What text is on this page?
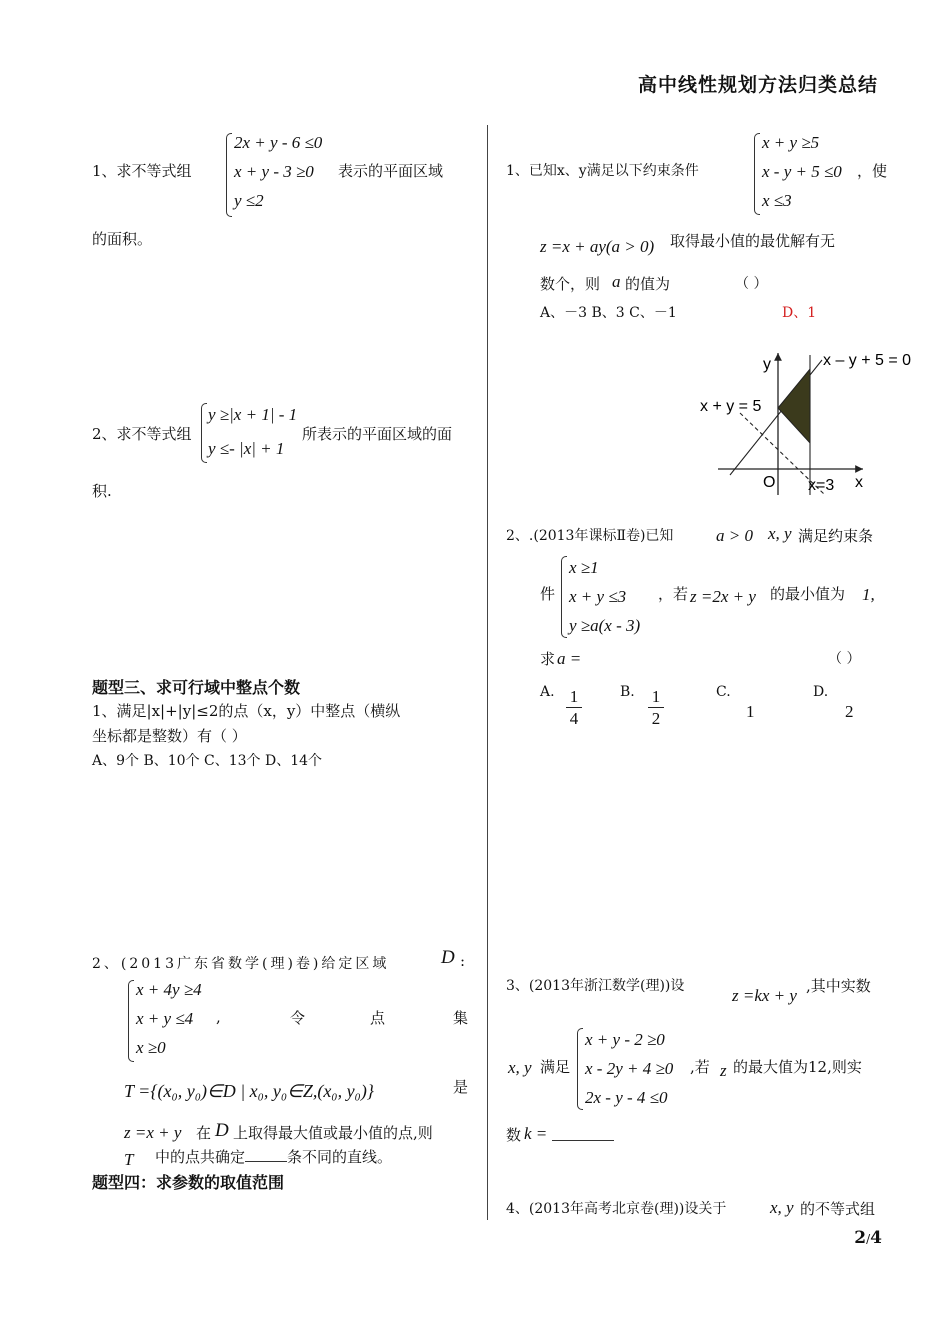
高中线性规划方法归类总结
1、求不等式组
2x + y - 6 ≤0
x + y - 3 ≥0
y ≤2
表示的平面区域
的面积。
2、求不等式组
y ≥|x + 1| - 1
y ≤- |x| + 1
所表示的平面区域的面
积.
题型三、求可行域中整点个数
1、满足|x|+|y|≤2的点（x，y）中整点（横纵
坐标都是整数）有（ ）
A、9个 B、10个 C、13个 D、14个
2、(2013广东省数学(理)卷)给定区域	D :
x + 4y ≥4
x + y ≤4
x ≥0
,	令	点	集
T ={(x₀, y₀)∈D | x₀, y₀∈Z,(x₀, y₀)}	是
z =x + y 在 D 上取得最大值或最小值的点,则
T 中的点共确定	条不同的直线。
题型四：求参数的取值范围
1、已知x、y满足以下约束条件
x + y ≥5
x - y + 5 ≤0
x ≤3
，使
z =x + ay(a > 0) 取得最小值的最优解有无
数个，则 a 的值为	（ ）
A、－3 B、3 C、－1	D、1
y
x
O
x – y + 5 = 0
x + y = 5
x=3
2、.(2013年课标Ⅱ卷)已知	a > 0 x, y 满足约束条
件
x ≥1
x + y ≤3
y ≥a(x - 3)
，若 z =2x + y 的最小值为 1,
求 a =	（ ）
A. 1
4
B. 1
2
C.
1
D.
2
3、(2013年浙江数学(理))设	z =kx + y ,其中实数
x, y 满足
x + y - 2 ≥0
x - 2y + 4 ≥0
2x - y - 4 ≤0
,若 z 的最大值为12,则实
数 k =
4、(2013年高考北京卷(理))设关于	x, y 的不等式组
2/4
